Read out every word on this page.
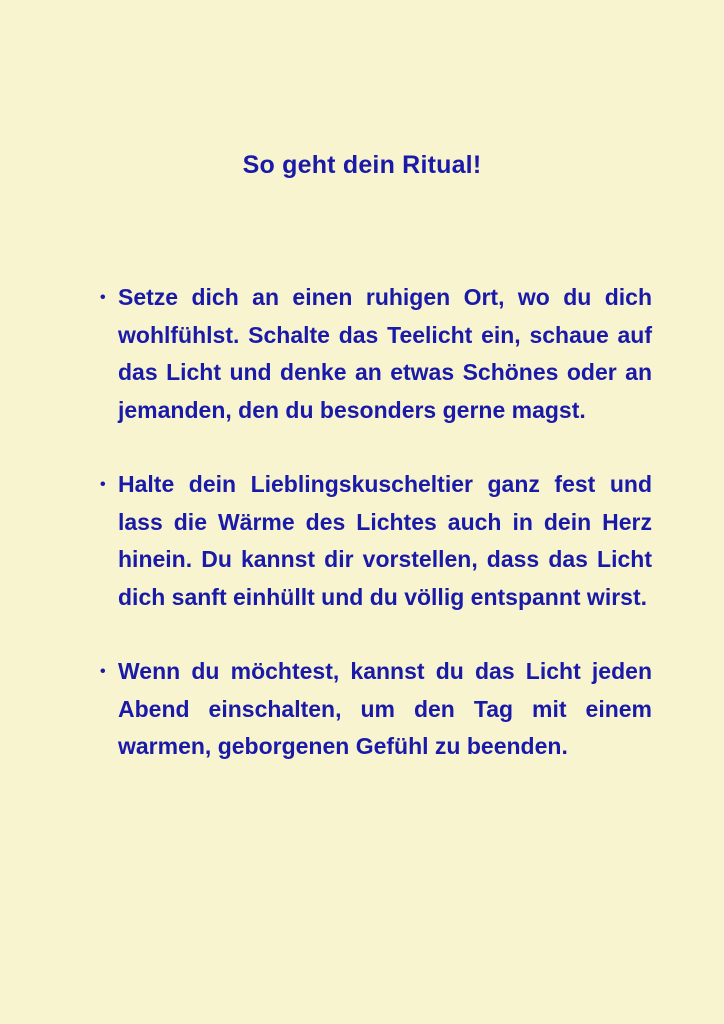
So geht dein Ritual!
• Setze dich an einen ruhigen Ort, wo du dich wohlfühlst. Schalte das Teelicht ein, schaue auf das Licht und denke an etwas Schönes oder an jemanden, den du besonders gerne magst.
• Halte dein Lieblingskuscheltier ganz fest und lass die Wärme des Lichtes auch in dein Herz hinein. Du kannst dir vorstellen, dass das Licht dich sanft einhüllt und du völlig entspannt wirst.
• Wenn du möchtest, kannst du das Licht jeden Abend einschalten, um den Tag mit einem warmen, geborgenen Gefühl zu beenden.
